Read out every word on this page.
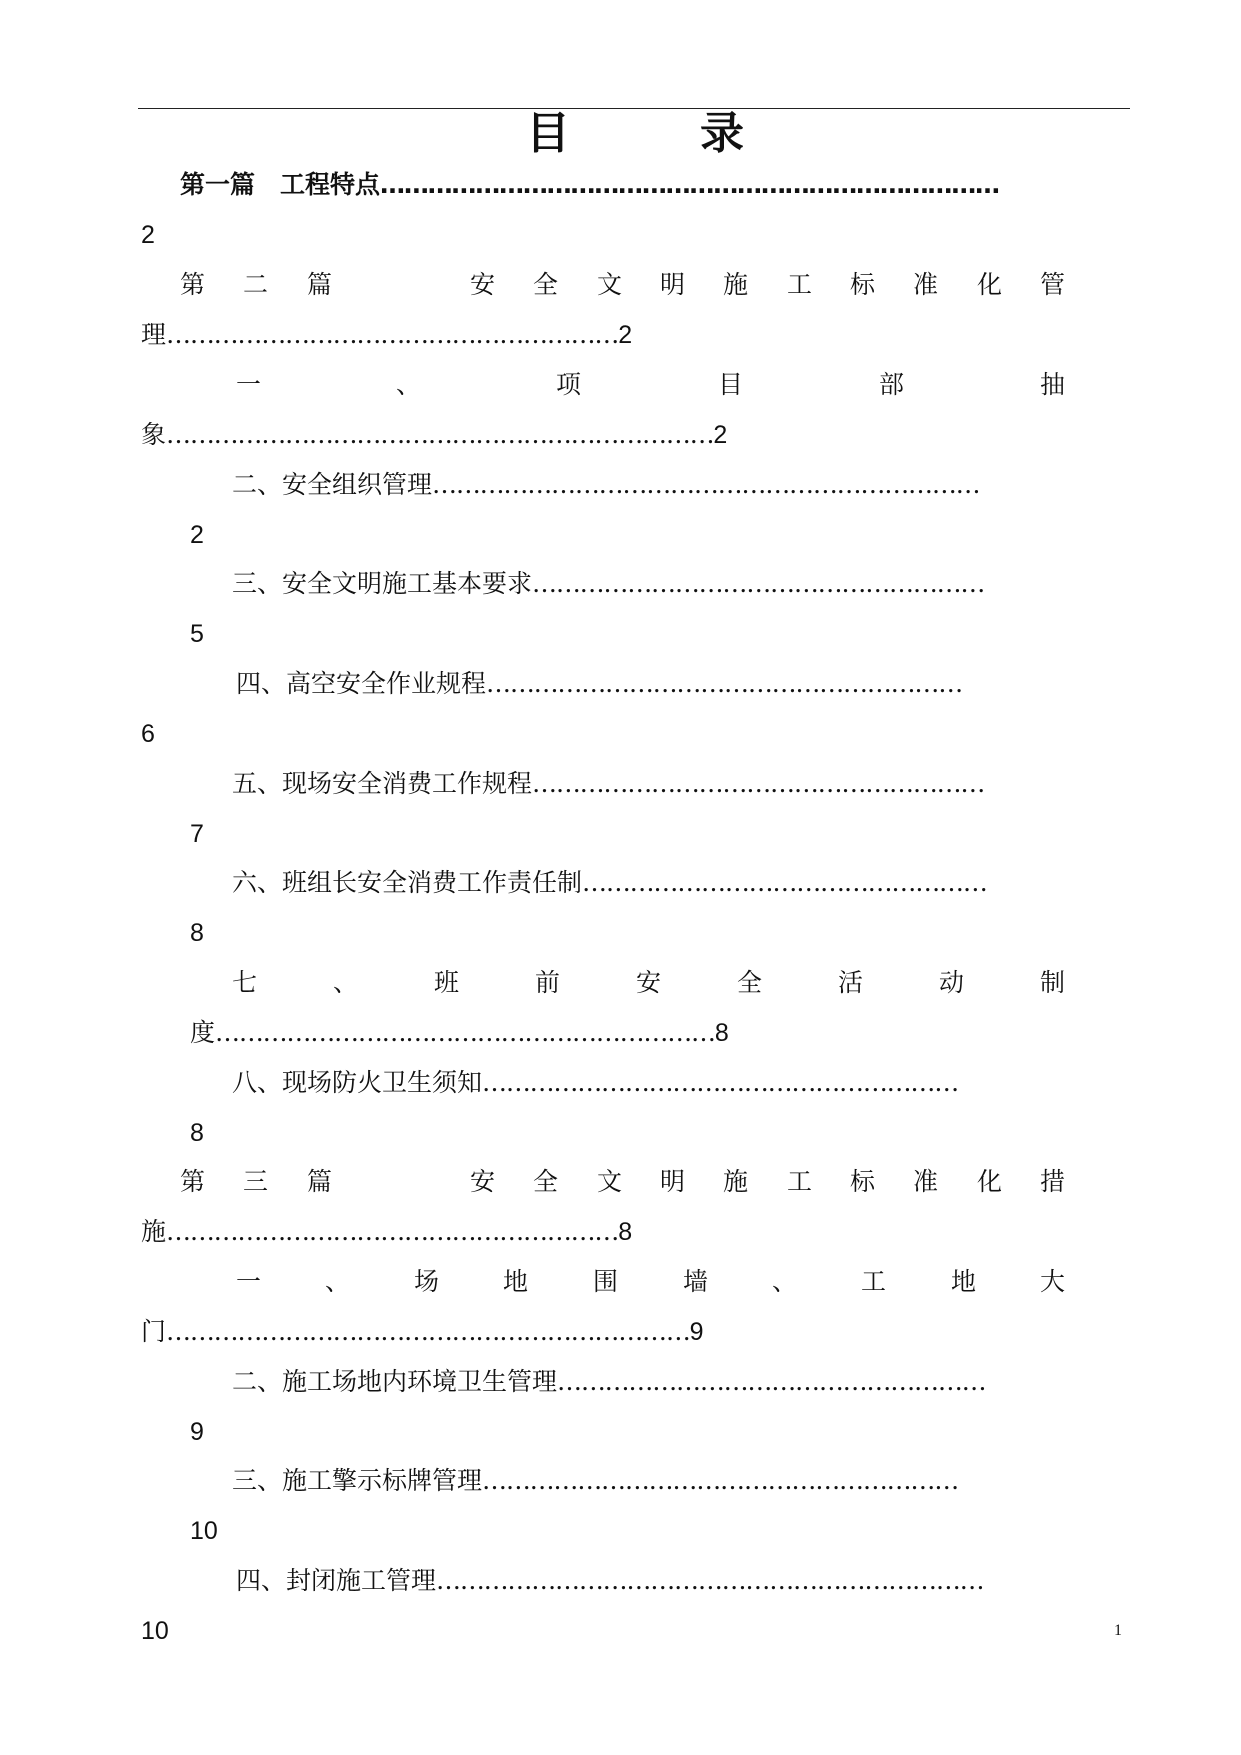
目	录
第一篇　工程特点……………………………………………………………………
2
第 二 篇	安 全 文 明 施 工 标 准 化 管
理…………………………………………………2
一	、	项	目	部	抽
象……………………………………………………………2
二、安全组织管理……………………………………………………………
2
三、安全文明施工基本要求…………………………………………………
5
四、高空安全作业规程……………………………………………………
6
五、现场安全消费工作规程…………………………………………………
7
六、班组长安全消费工作责任制……………………………………………
8
七	、	班	前	安	全	活	动	制
度………………………………………………………8
八、现场防火卫生须知……………………………………………………
8
第 三 篇	安 全 文 明 施 工 标 准 化 措
施…………………………………………………8
一	、	场	地	围	墙	、	工	地	大
门…………………………………………………………9
二、施工场地内环境卫生管理………………………………………………
9
三、施工擎示标牌管理……………………………………………………
10
四、封闭施工管理……………………………………………………………
10	1
